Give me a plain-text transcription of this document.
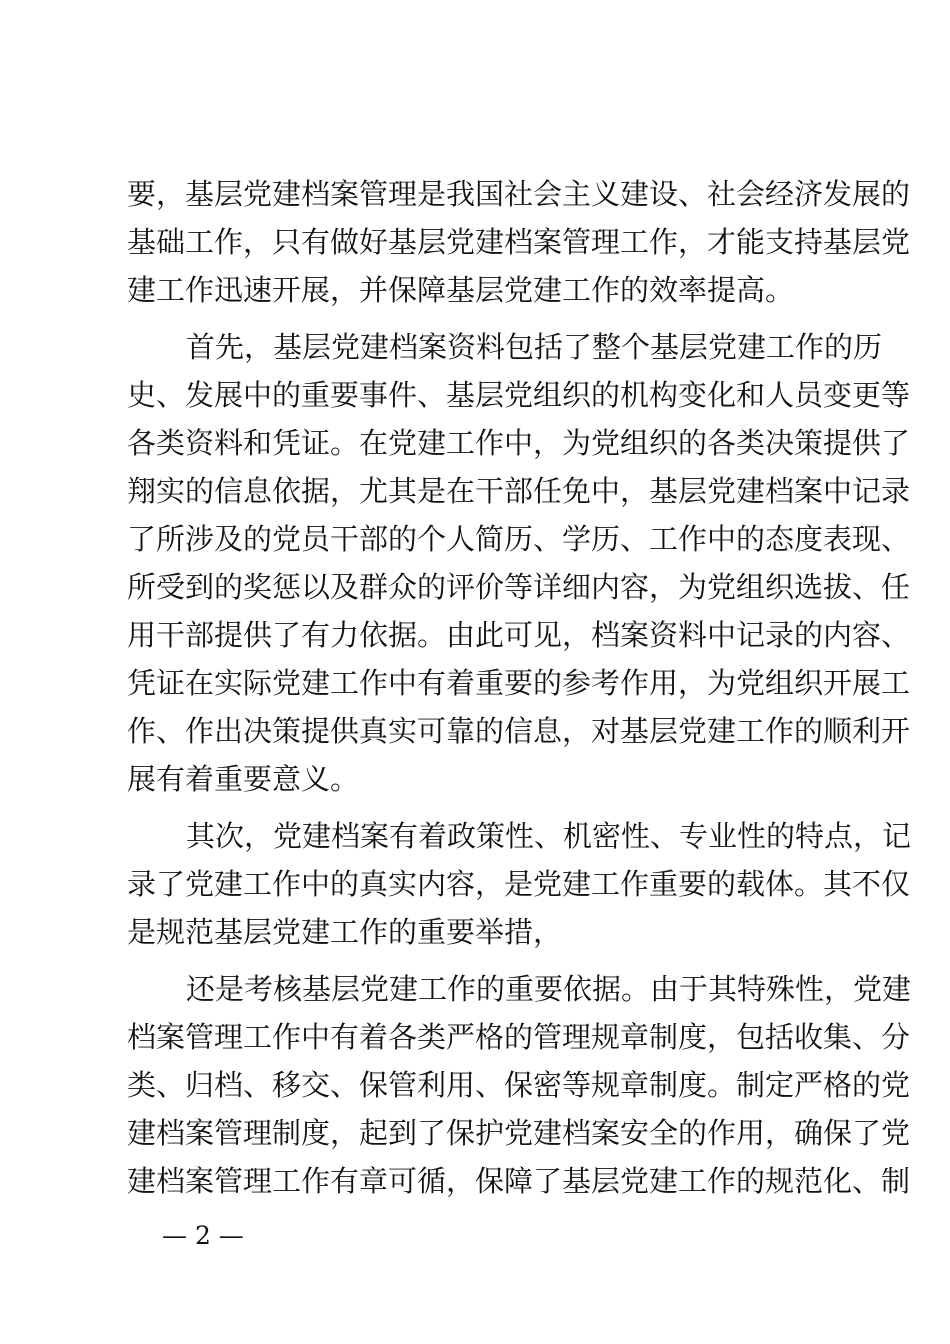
要，基层党建档案管理是我国社会主义建设、社会经济发展的
基础工作，只有做好基层党建档案管理工作，才能支持基层党
建工作迅速开展，并保障基层党建工作的效率提高。
首先，基层党建档案资料包括了整个基层党建工作的历
史、发展中的重要事件、基层党组织的机构变化和人员变更等
各类资料和凭证。在党建工作中，为党组织的各类决策提供了
翔实的信息依据，尤其是在干部任免中，基层党建档案中记录
了所涉及的党员干部的个人简历、学历、工作中的态度表现、
所受到的奖惩以及群众的评价等详细内容，为党组织选拔、任
用干部提供了有力依据。由此可见，档案资料中记录的内容、
凭证在实际党建工作中有着重要的参考作用，为党组织开展工
作、作出决策提供真实可靠的信息，对基层党建工作的顺利开
展有着重要意义。
其次，党建档案有着政策性、机密性、专业性的特点，记
录了党建工作中的真实内容，是党建工作重要的载体。其不仅
是规范基层党建工作的重要举措，
还是考核基层党建工作的重要依据。由于其特殊性，党建
档案管理工作中有着各类严格的管理规章制度，包括收集、分
类、归档、移交、保管利用、保密等规章制度。制定严格的党
建档案管理制度，起到了保护党建档案安全的作用，确保了党
建档案管理工作有章可循，保障了基层党建工作的规范化、制
— 2 —
